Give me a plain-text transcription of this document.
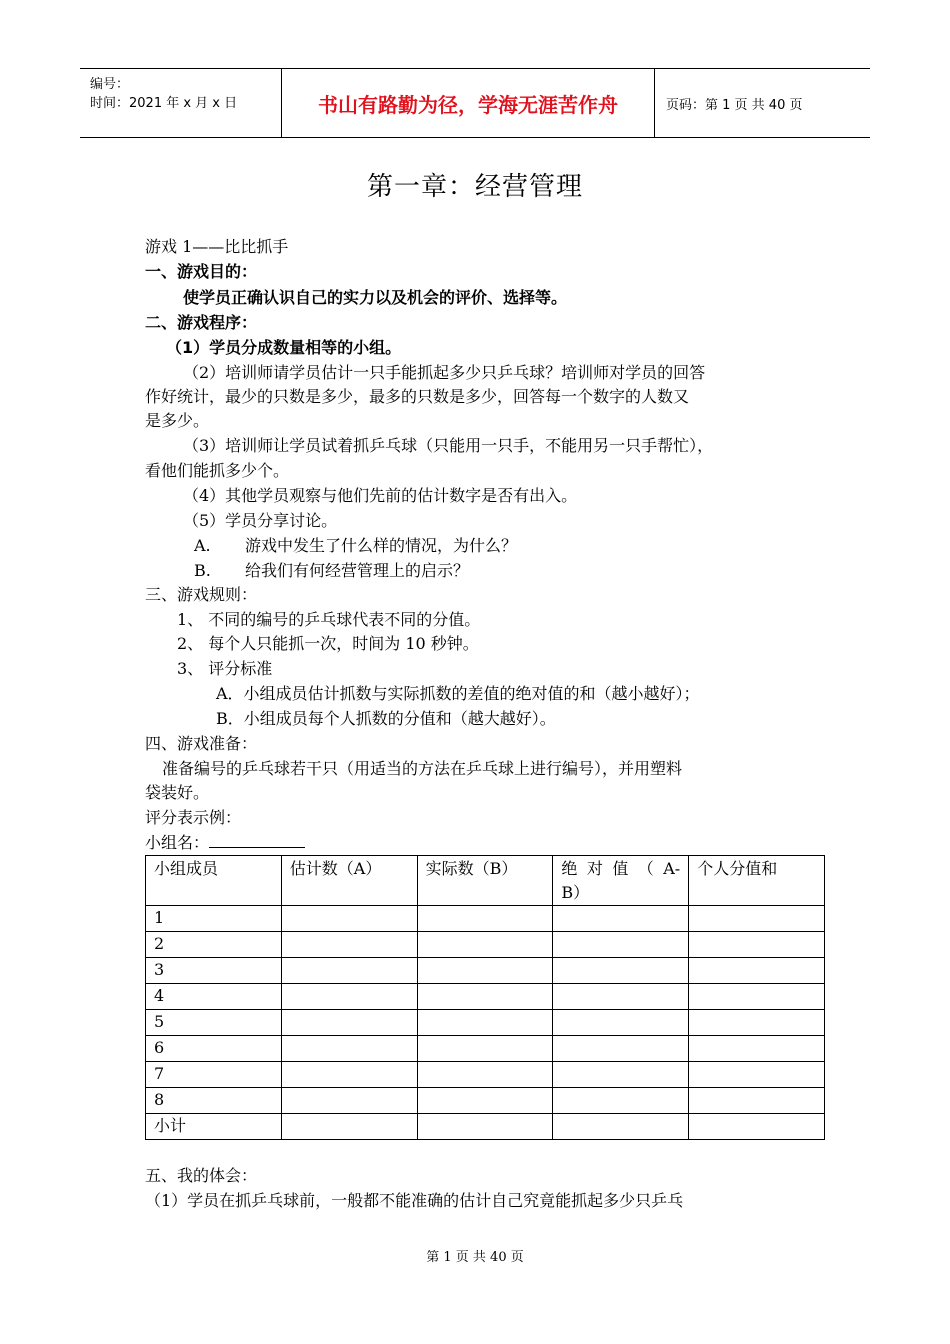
编号：
时间：2021 年 x 月 x 日	书山有路勤为径，学海无涯苦作舟	页码：第 1 页 共 40 页
第一章：经营管理
游戏 1——比比抓手
一、游戏目的：
使学员正确认识自己的实力以及机会的评价、选择等。
二、游戏程序：
（1）学员分成数量相等的小组。
（2）培训师请学员估计一只手能抓起多少只乒乓球？培训师对学员的回答
作好统计，最少的只数是多少，最多的只数是多少，回答每一个数字的人数又
是多少。
（3）培训师让学员试着抓乒乓球（只能用一只手，不能用另一只手帮忙），
看他们能抓多少个。
（4）其他学员观察与他们先前的估计数字是否有出入。
（5）学员分享讨论。
A. 游戏中发生了什么样的情况，为什么？
B. 给我们有何经营管理上的启示？
三、游戏规则：
1、 不同的编号的乒乓球代表不同的分值。
2、 每个人只能抓一次，时间为 10 秒钟。
3、 评分标准
A．小组成员估计抓数与实际抓数的差值的绝对值的和（越小越好）；
B．小组成员每个人抓数的分值和（越大越好）。
四、游戏准备：
准备编号的乒乓球若干只（用适当的方法在乒乓球上进行编号），并用塑料
袋装好。
评分表示例：
小组名：
小组成员	估计数（A）	实际数（B）	绝 对 值 （ A-
B）	个人分值和
1				
2				
3				
4				
5				
6				
7				
8				
小计				
五、我的体会：
（1）学员在抓乒乓球前，一般都不能准确的估计自己究竟能抓起多少只乒乓
第 1 页 共 40 页
